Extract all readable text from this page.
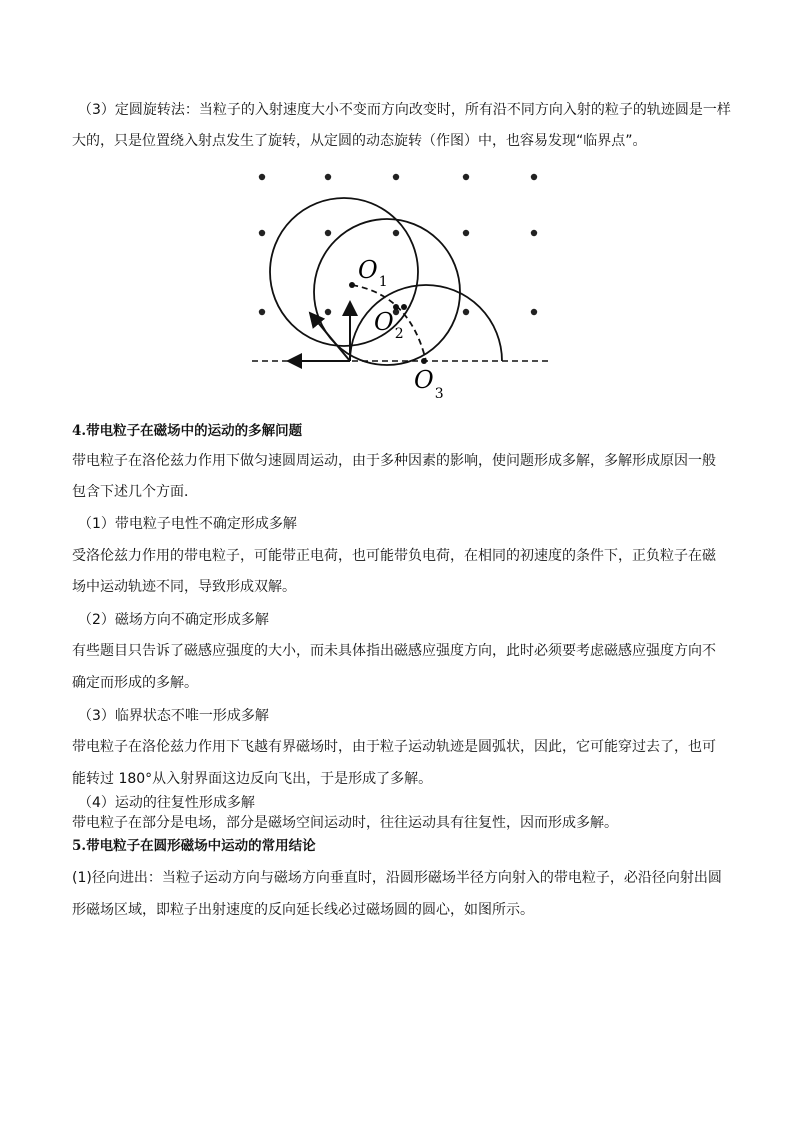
（3）定圆旋转法：当粒子的入射速度大小不变而方向改变时，所有沿不同方向入射的粒子的轨迹圆是一样
大的，只是位置绕入射点发生了旋转，从定圆的动态旋转（作图）中，也容易发现“临界点”。
$O_1$
$O_2$
$O_3$
4.带电粒子在磁场中的运动的多解问题
带电粒子在洛伦兹力作用下做匀速圆周运动，由于多种因素的影响，使问题形成多解，多解形成原因一般
包含下述几个方面．
（1）带电粒子电性不确定形成多解
受洛伦兹力作用的带电粒子，可能带正电荷，也可能带负电荷，在相同的初速度的条件下，正负粒子在磁
场中运动轨迹不同，导致形成双解。
（2）磁场方向不确定形成多解
有些题目只告诉了磁感应强度的大小，而未具体指出磁感应强度方向，此时必须要考虑磁感应强度方向不
确定而形成的多解。
（3）临界状态不唯一形成多解
带电粒子在洛伦兹力作用下飞越有界磁场时，由于粒子运动轨迹是圆弧状，因此，它可能穿过去了，也可
能转过 180°从入射界面这边反向飞出，于是形成了多解。
（4）运动的往复性形成多解
带电粒子在部分是电场，部分是磁场空间运动时，往往运动具有往复性，因而形成多解。
5.带电粒子在圆形磁场中运动的常用结论
(1)径向进出：当粒子运动方向与磁场方向垂直时，沿圆形磁场半径方向射入的带电粒子，必沿径向射出圆
形磁场区域，即粒子出射速度的反向延长线必过磁场圆的圆心，如图所示。
